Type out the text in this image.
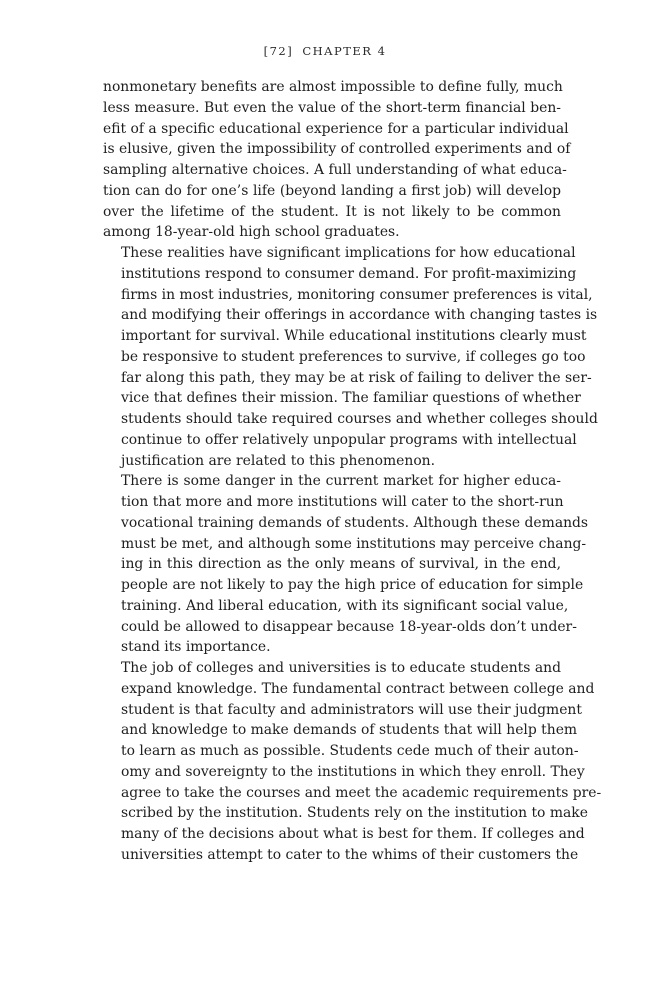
[72] CHAPTER 4

nonmonetary benefits are almost impossible to define fully, much
less measure. But even the value of the short-term financial ben-
efit of a specific educational experience for a particular individual
is elusive, given the impossibility of controlled experiments and of
sampling alternative choices. A full understanding of what educa-
tion can do for one’s life (beyond landing a first job) will develop
over the lifetime of the student. It is not likely to be common
among 18-year-old high school graduates.

These realities have significant implications for how educational
institutions respond to consumer demand. For profit-maximizing
firms in most industries, monitoring consumer preferences is vital,
and modifying their offerings in accordance with changing tastes is
important for survival. While educational institutions clearly must
be responsive to student preferences to survive, if colleges go too
far along this path, they may be at risk of failing to deliver the ser-
vice that defines their mission. The familiar questions of whether
students should take required courses and whether colleges should
continue to offer relatively unpopular programs with intellectual
justification are related to this phenomenon.

There is some danger in the current market for higher educa-
tion that more and more institutions will cater to the short-run
vocational training demands of students. Although these demands
must be met, and although some institutions may perceive chang-
ing in this direction as the only means of survival, in the end,
people are not likely to pay the high price of education for simple
training. And liberal education, with its significant social value,
could be allowed to disappear because 18-year-olds don’t under-
stand its importance.

The job of colleges and universities is to educate students and
expand knowledge. The fundamental contract between college and
student is that faculty and administrators will use their judgment
and knowledge to make demands of students that will help them
to learn as much as possible. Students cede much of their auton-
omy and sovereignty to the institutions in which they enroll. They
agree to take the courses and meet the academic requirements pre-
scribed by the institution. Students rely on the institution to make
many of the decisions about what is best for them. If colleges and
universities attempt to cater to the whims of their customers the
